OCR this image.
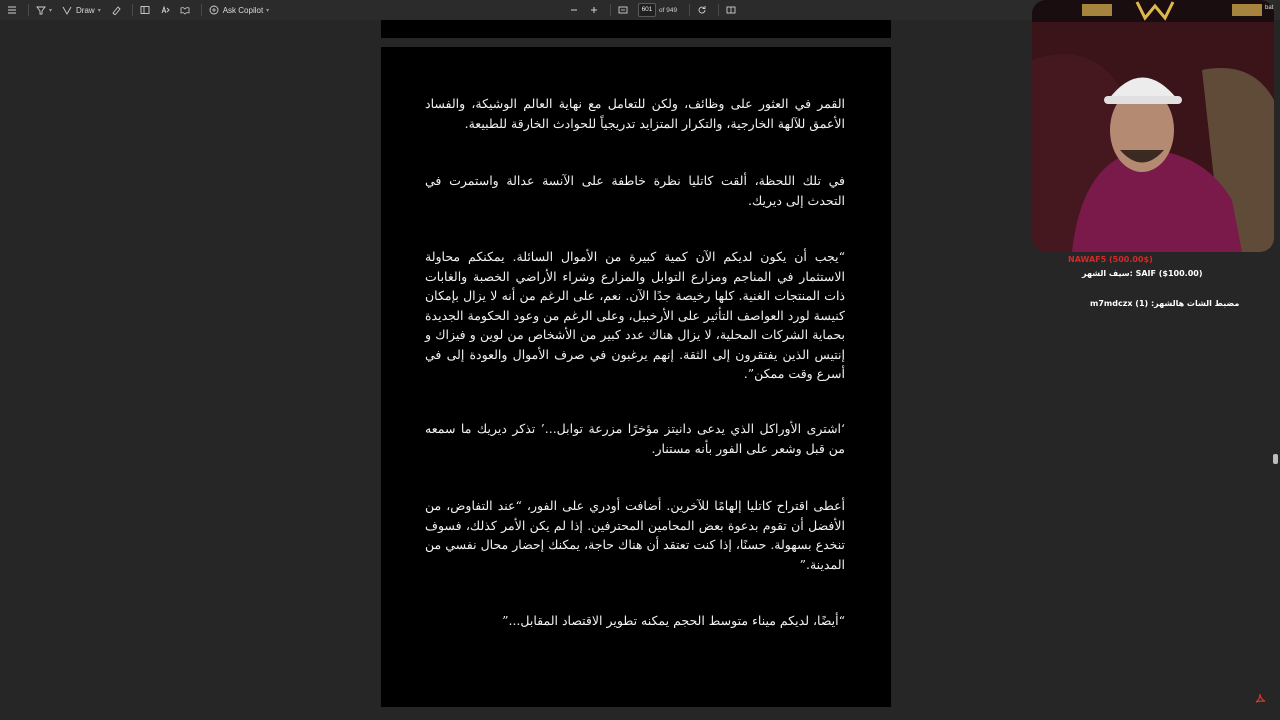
▾	Draw ▾	Ask Copilot ▾	601	of 949

القمر في العثور على وظائف، ولكن للتعامل مع نهاية العالم الوشيكة، والفساد الأعمق للآلهة الخارجية، والتكرار المتزايد تدريجياً للحوادث الخارقة للطبيعة.

في تلك اللحظة، ألقت كاتليا نظرة خاطفة على الآنسة عدالة واستمرت في التحدث إلى ديريك.

“يجب أن يكون لديكم الآن كمية كبيرة من الأموال السائلة. يمكنكم محاولة الاستثمار في المناجم ومزارع التوابل والمزارع وشراء الأراضي الخصبة والغابات ذات المنتجات الغنية. كلها رخيصة جدًا الآن. نعم، على الرغم من أنه لا يزال بإمكان كنيسة لورد العواصف التأثير على الأرخبيل، وعلى الرغم من وعود الحكومة الجديدة بحماية الشركات المحلية، لا يزال هناك عدد كبير من الأشخاص من لوين و فيزاك و إنتيس الذين يفتقرون إلى الثقة. إنهم يرغبون في صرف الأموال والعودة إلى في أسرع وقت ممكن”.

‘اشترى الأوراكل الذي يدعى دانيتز مؤخرًا مزرعة توابل...’ تذكر ديريك ما سمعه من قبل وشعر على الفور بأنه مستنار.

أعطى اقتراح كاتليا إلهامًا للآخرين. أضافت أودري على الفور، “عند التفاوض، من الأفضل أن تقوم بدعوة بعض المحامين المحترفين. إذا لم يكن الأمر كذلك، فسوف تنخدع بسهولة. حسنًا، إذا كنت تعتقد أن هناك حاجة، يمكنك إحضار محال نفسي من المدينة.”

“أيضًا، لديكم ميناء متوسط الحجم يمكنه تطوير الاقتصاد المقابل...”

bat
NAWAF5 (500.00$)
سيف الشهر: SAIF ($100.00)
m7mdczx (1) :مضبط الشات هالشهر
